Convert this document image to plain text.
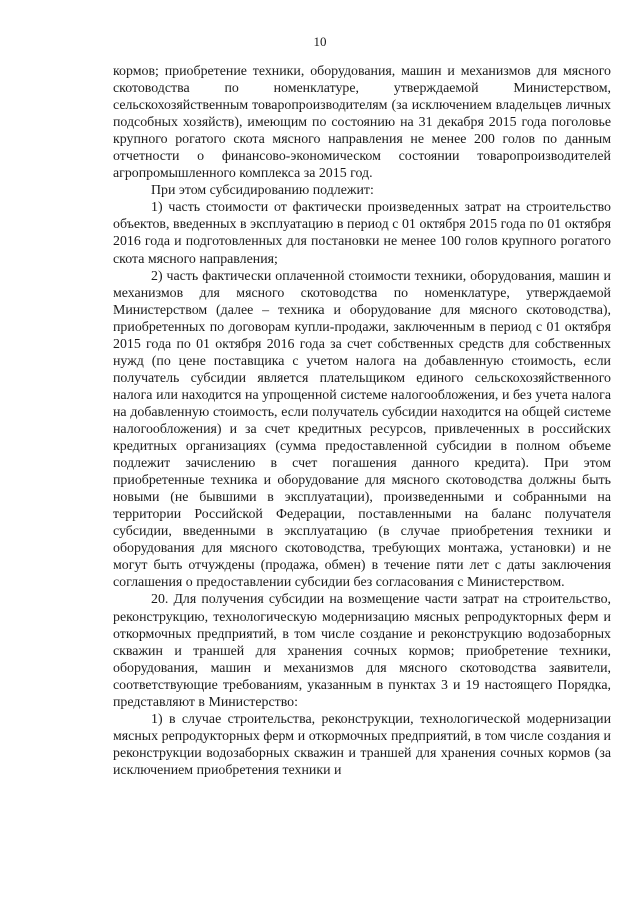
10

кормов; приобретение техники, оборудования, машин и механизмов для мясного скотоводства по номенклатуре, утверждаемой Министерством, сельскохозяйственным товаропроизводителям (за исключением владельцев личных подсобных хозяйств), имеющим по состоянию на 31 декабря 2015 года поголовье крупного рогатого скота мясного направления не менее 200 голов по данным отчетности о финансово-экономическом состоянии товаропроизводителей агропромышленного комплекса за 2015 год.

При этом субсидированию подлежит:

1) часть стоимости от фактически произведенных затрат на строительство объектов, введенных в эксплуатацию в период с 01 октября 2015 года по 01 октября 2016 года и подготовленных для постановки не менее 100 голов крупного рогатого скота мясного направления;

2) часть фактически оплаченной стоимости техники, оборудования, машин и механизмов для мясного скотоводства по номенклатуре, утверждаемой Министерством (далее – техника и оборудование для мясного скотоводства), приобретенных по договорам купли-продажи, заключенным в период с 01 октября 2015 года по 01 октября 2016 года за счет собственных средств для собственных нужд (по цене поставщика с учетом налога на добавленную стоимость, если получатель субсидии является плательщиком единого сельскохозяйственного налога или находится на упрощенной системе налогообложения, и без учета налога на добавленную стоимость, если получатель субсидии находится на общей системе налогообложения) и за счет кредитных ресурсов, привлеченных в российских кредитных организациях (сумма предоставленной субсидии в полном объеме подлежит зачислению в счет погашения данного кредита). При этом приобретенные техника и оборудование для мясного скотоводства должны быть новыми (не бывшими в эксплуатации), произведенными и собранными на территории Российской Федерации, поставленными на баланс получателя субсидии, введенными в эксплуатацию (в случае приобретения техники и оборудования для мясного скотоводства, требующих монтажа, установки) и не могут быть отчуждены (продажа, обмен) в течение пяти лет с даты заключения соглашения о предоставлении субсидии без согласования с Министерством.

20. Для получения субсидии на возмещение части затрат на строительство, реконструкцию, технологическую модернизацию мясных репродукторных ферм и откормочных предприятий, в том числе создание и реконструкцию водозаборных скважин и траншей для хранения сочных кормов; приобретение техники, оборудования, машин и механизмов для мясного скотоводства заявители, соответствующие требованиям, указанным в пунктах 3 и 19 настоящего Порядка, представляют в Министерство:

1) в случае строительства, реконструкции, технологической модернизации мясных репродукторных ферм и откормочных предприятий, в том числе создания и реконструкции водозаборных скважин и траншей для хранения сочных кормов (за исключением приобретения техники и
